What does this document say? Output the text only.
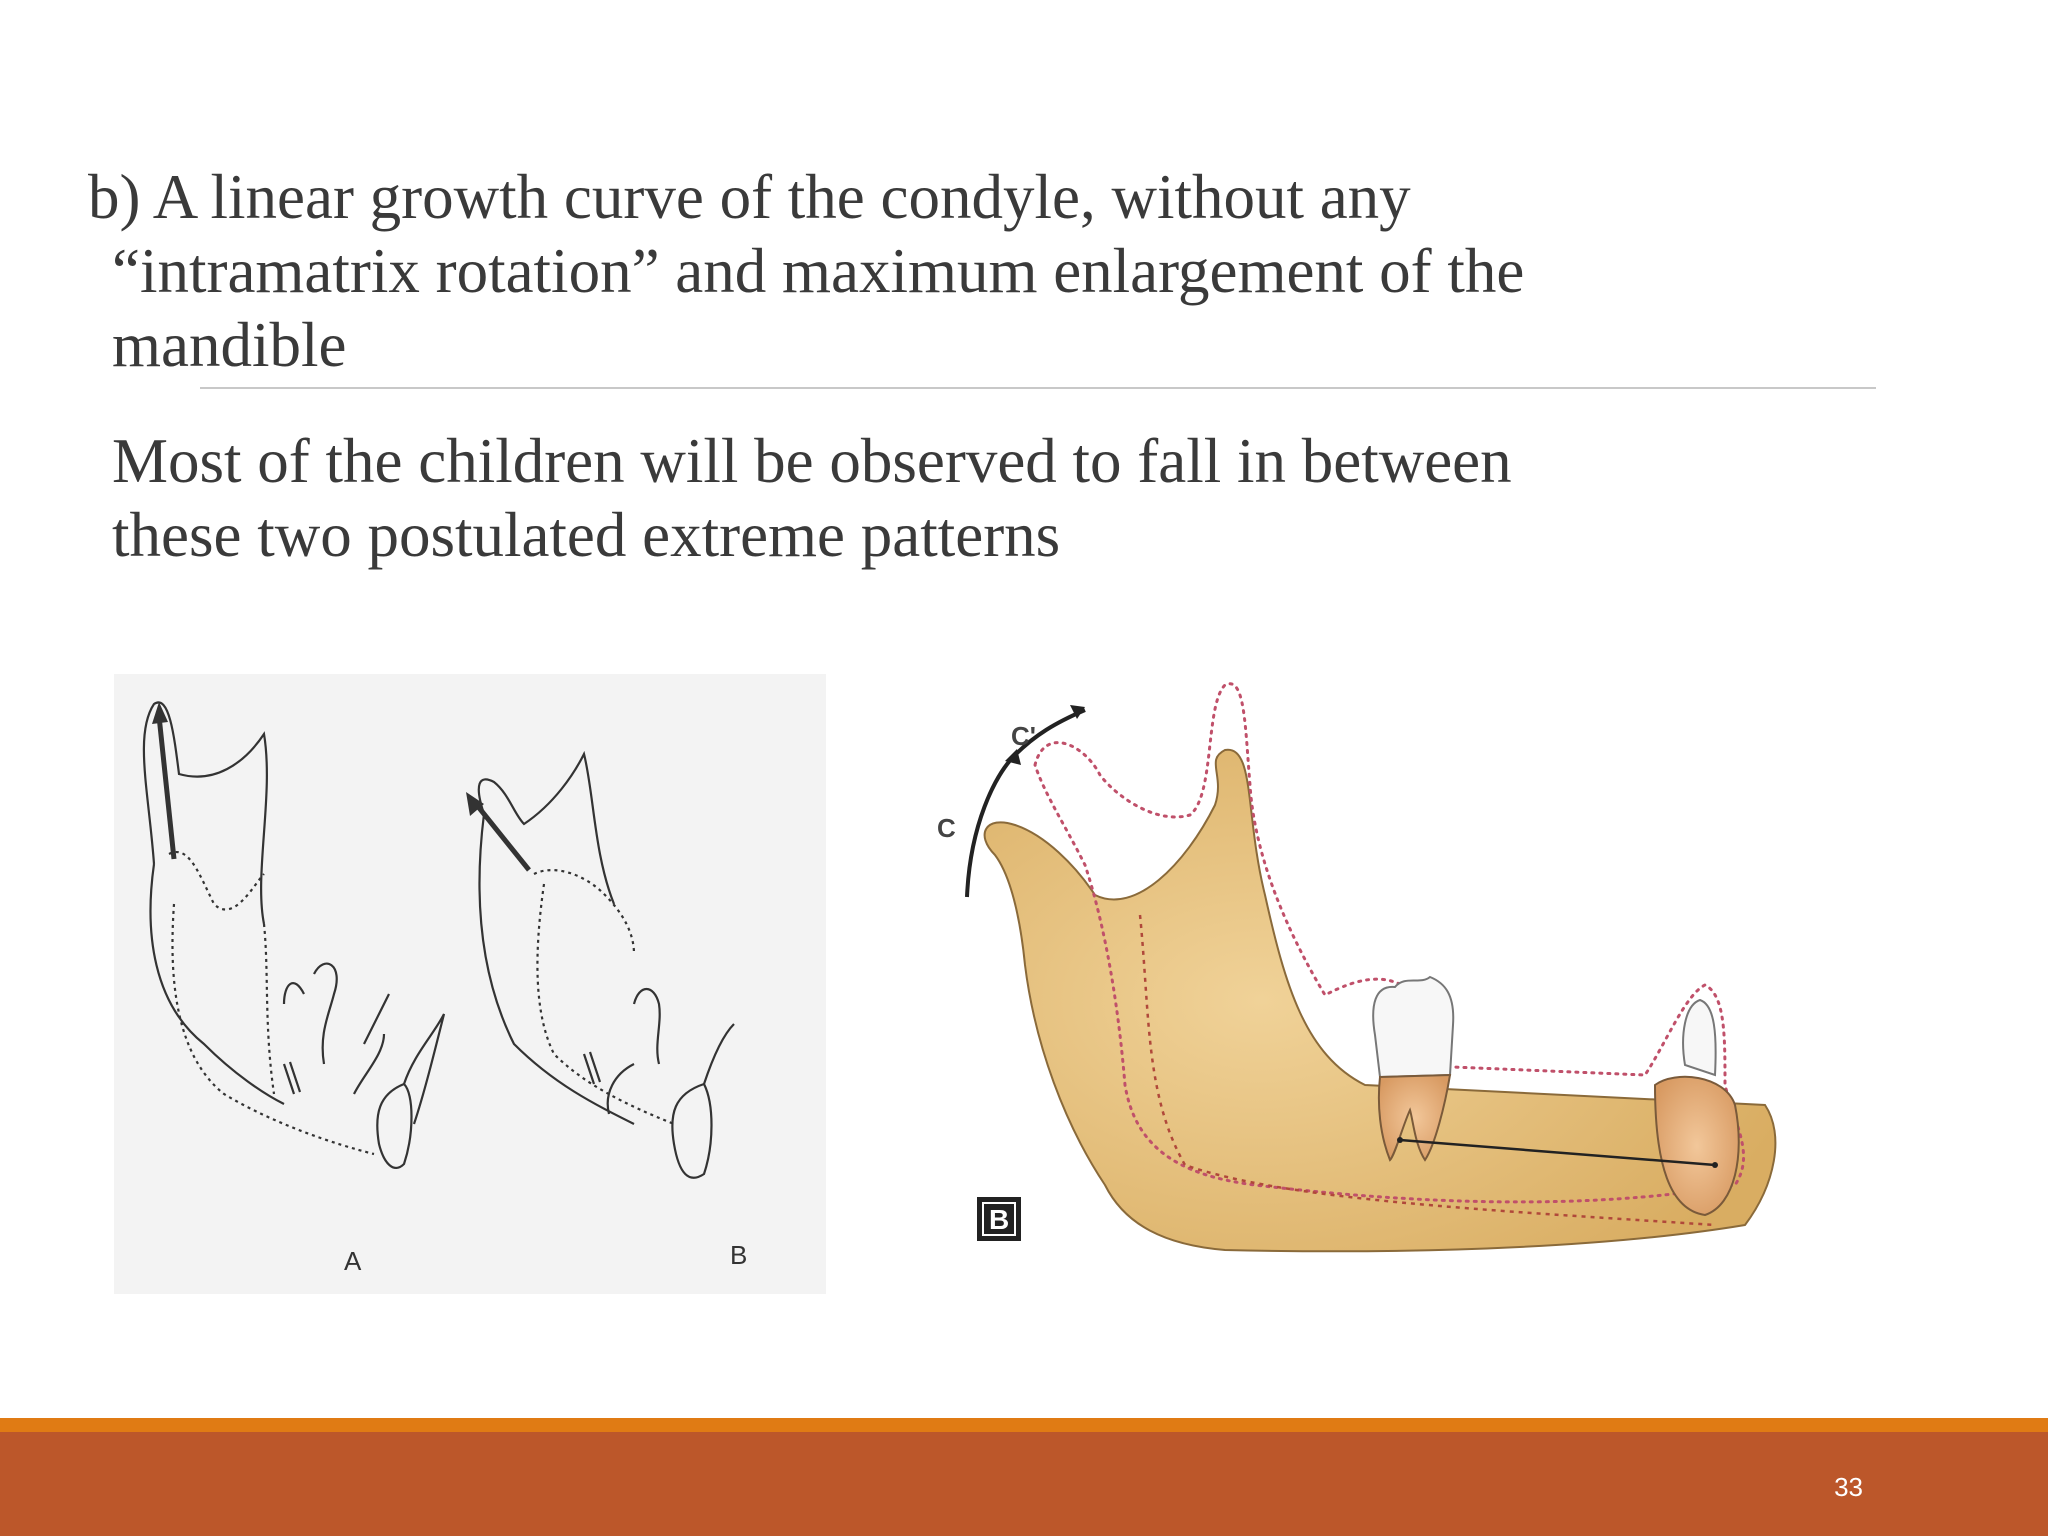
b) A linear growth curve of the condyle, without any
“intramatrix rotation” and maximum enlargement of the
mandible
Most of the children will be observed to fall in between
these two postulated extreme patterns
A	B
C
C'
B
33
